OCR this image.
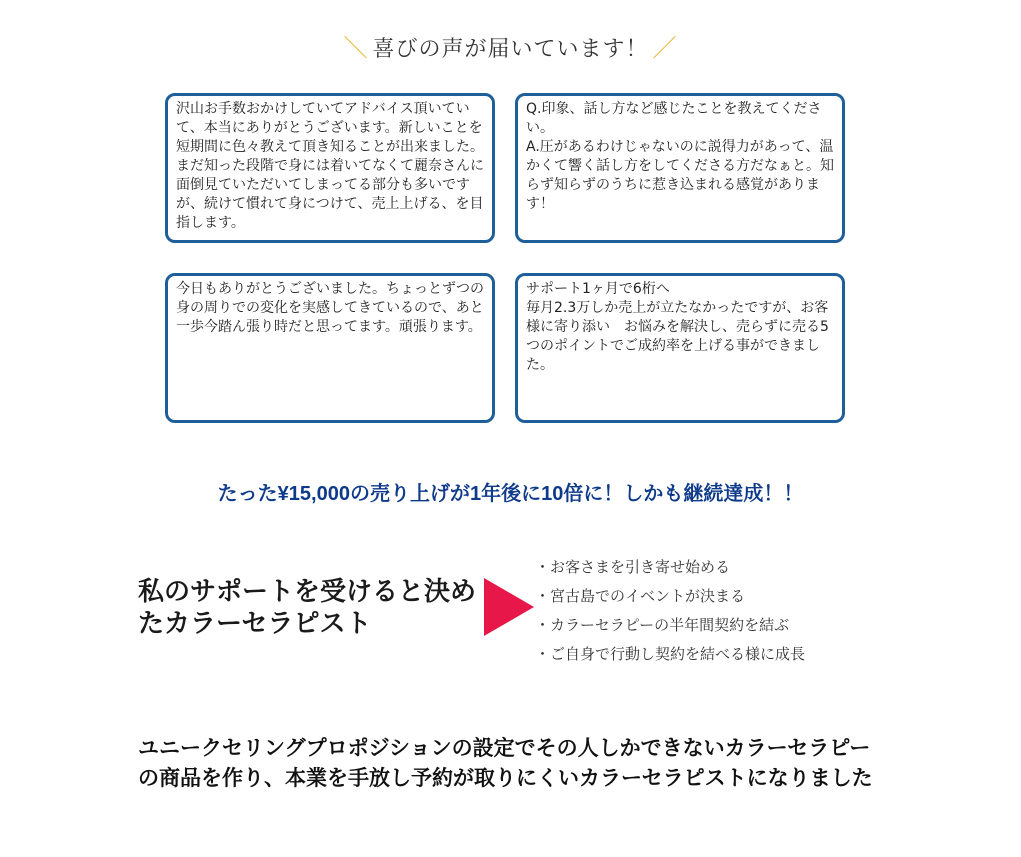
＼ 喜びの声が届いています！ ／
沢山お手数おかけしていてアドバイス頂いていて、本当にありがとうございます。新しいことを短期間に色々教えて頂き知ることが出来ました。まだ知った段階で身には着いてなくて麗奈さんに面倒見ていただいてしまってる部分も多いですが、続けて慣れて身につけて、売上上げる、を目指します。
Q.印象、話し方など感じたことを教えてください。
A.圧があるわけじゃないのに説得力があって、温かくて響く話し方をしてくださる方だなぁと。知らず知らずのうちに惹き込まれる感覚があります！
今日もありがとうございました。ちょっとずつの身の周りでの変化を実感してきているので、あと一歩今踏ん張り時だと思ってます。頑張ります。
サポート1ヶ月で6桁へ
毎月2.3万しか売上が立たなかったですが、お客様に寄り添い　お悩みを解決し、売らずに売る5つのポイントでご成約率を上げる事ができました。
たった¥15,000の売り上げが1年後に10倍に！しかも継続達成！！
私のサポートを受けると決めたカラーセラピスト
・お客さまを引き寄せ始める
・宮古島でのイベントが決まる
・カラーセラピーの半年間契約を結ぶ
・ご自身で行動し契約を結べる様に成長
ユニークセリングプロポジションの設定でその人しかできないカラーセラピーの商品を作り、本業を手放し予約が取りにくいカラーセラピストになりました
